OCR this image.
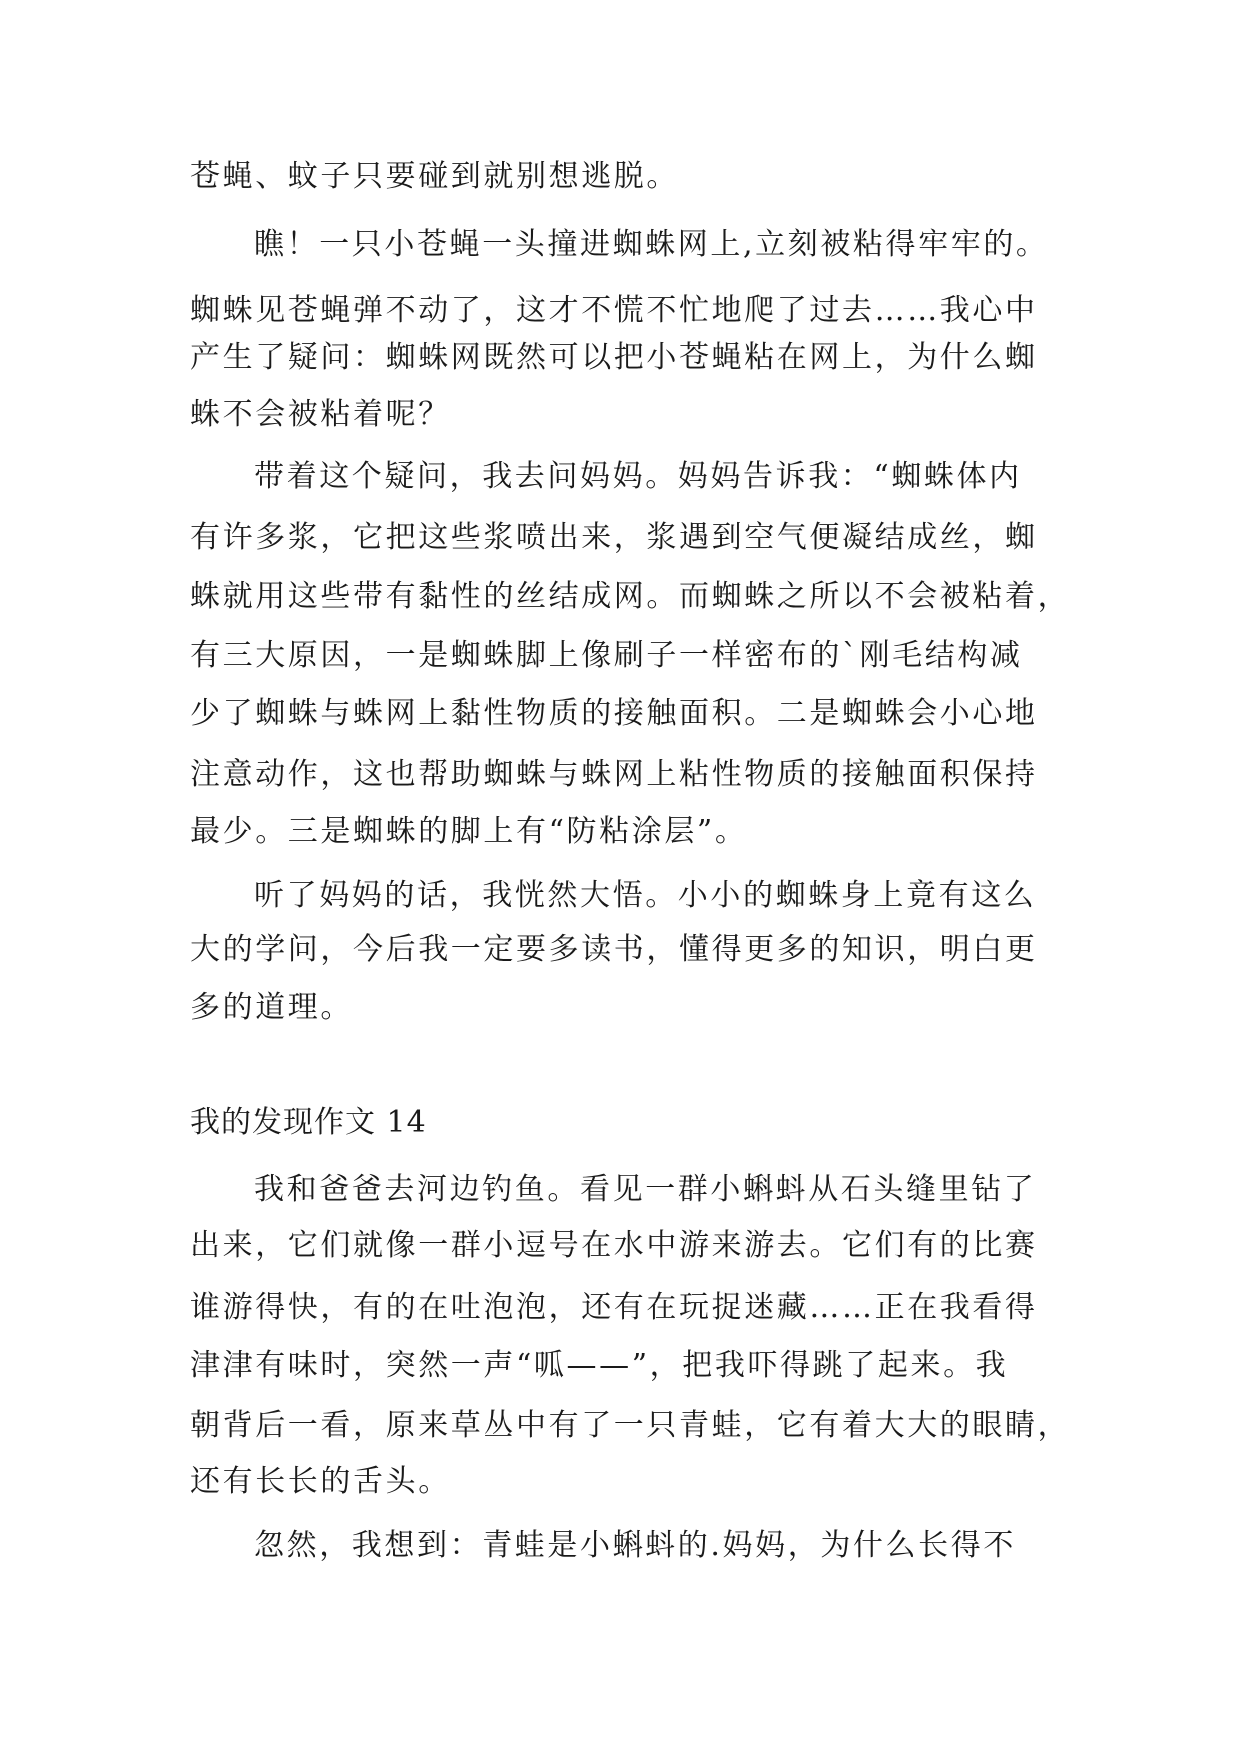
苍蝇、蚊子只要碰到就别想逃脱。
瞧！一只小苍蝇一头撞进蜘蛛网上,立刻被粘得牢牢的。
蜘蛛见苍蝇弹不动了，这才不慌不忙地爬了过去……我心中
产生了疑问：蜘蛛网既然可以把小苍蝇粘在网上，为什么蜘
蛛不会被粘着呢？
带着这个疑问，我去问妈妈。妈妈告诉我：“蜘蛛体内
有许多浆，它把这些浆喷出来，浆遇到空气便凝结成丝，蜘
蛛就用这些带有黏性的丝结成网。而蜘蛛之所以不会被粘着，
有三大原因，一是蜘蛛脚上像刷子一样密布的`刚毛结构减
少了蜘蛛与蛛网上黏性物质的接触面积。二是蜘蛛会小心地
注意动作，这也帮助蜘蛛与蛛网上粘性物质的接触面积保持
最少。三是蜘蛛的脚上有“防粘涂层”。
听了妈妈的话，我恍然大悟。小小的蜘蛛身上竟有这么
大的学问，今后我一定要多读书，懂得更多的知识，明白更
多的道理。
我的发现作文 14
我和爸爸去河边钓鱼。看见一群小蝌蚪从石头缝里钻了
出来，它们就像一群小逗号在水中游来游去。它们有的比赛
谁游得快，有的在吐泡泡，还有在玩捉迷藏……正在我看得
津津有味时，突然一声“呱——”，把我吓得跳了起来。我
朝背后一看，原来草丛中有了一只青蛙，它有着大大的眼睛，
还有长长的舌头。
忽然，我想到：青蛙是小蝌蚪的.妈妈，为什么长得不
